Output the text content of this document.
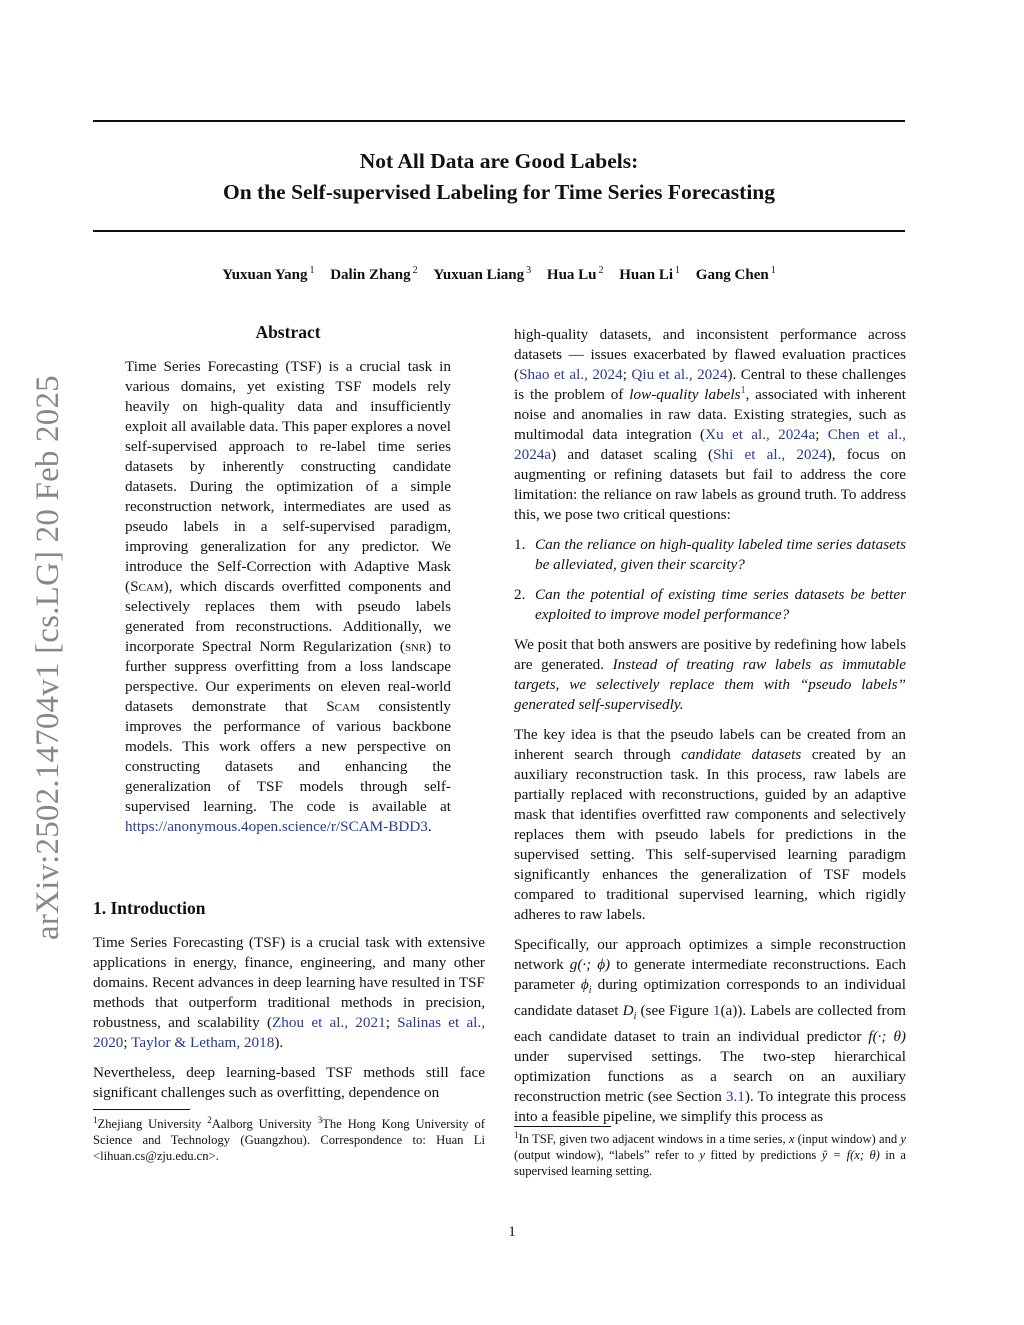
Not All Data are Good Labels:
On the Self-supervised Labeling for Time Series Forecasting
Yuxuan Yang $^1$ Dalin Zhang $^2$ Yuxuan Liang $^3$ Hua Lu $^2$ Huan Li $^1$ Gang Chen $^1$
arXiv:2502.14704v1 [cs.LG] 20 Feb 2025
Abstract
Time Series Forecasting (TSF) is a crucial task in various domains, yet existing TSF models rely heavily on high-quality data and insufficiently exploit all available data. This paper explores a novel self-supervised approach to re-label time series datasets by inherently constructing candidate datasets. During the optimization of a simple reconstruction network, intermediates are used as pseudo labels in a self-supervised paradigm, improving generalization for any predictor. We introduce the Self-Correction with Adaptive Mask (Scam), which discards overfitted components and selectively replaces them with pseudo labels generated from reconstructions. Additionally, we incorporate Spectral Norm Regularization (snr) to further suppress overfitting from a loss landscape perspective. Our experiments on eleven real-world datasets demonstrate that Scam consistently improves the performance of various backbone models. This work offers a new perspective on constructing datasets and enhancing the generalization of TSF models through self-supervised learning. The code is available at https://anonymous.4open.science/r/SCAM-BDD3.
1. Introduction

Time Series Forecasting (TSF) is a crucial task with extensive applications in energy, finance, engineering, and many other domains. Recent advances in deep learning have resulted in TSF methods that outperform traditional methods in precision, robustness, and scalability (Zhou et al., 2021; Salinas et al., 2020; Taylor & Letham, 2018).

Nevertheless, deep learning-based TSF methods still face significant challenges such as overfitting, dependence on

$^1$Zhejiang University $^2$Aalborg University $^3$The Hong Kong University of Science and Technology (Guangzhou). Correspondence to: Huan Li <lihuan.cs@zju.edu.cn>.

high-quality datasets, and inconsistent performance across datasets — issues exacerbated by flawed evaluation practices (Shao et al., 2024; Qiu et al., 2024). Central to these challenges is the problem of low-quality labels$^1$, associated with inherent noise and anomalies in raw data. Existing strategies, such as multimodal data integration (Xu et al., 2024a; Chen et al., 2024a) and dataset scaling (Shi et al., 2024), focus on augmenting or refining datasets but fail to address the core limitation: the reliance on raw labels as ground truth. To address this, we pose two critical questions:

1. Can the reliance on high-quality labeled time series datasets be alleviated, given their scarcity?
2. Can the potential of existing time series datasets be better exploited to improve model performance?

We posit that both answers are positive by redefining how labels are generated. Instead of treating raw labels as immutable targets, we selectively replace them with “pseudo labels” generated self-supervisedly.

The key idea is that the pseudo labels can be created from an inherent search through candidate datasets created by an auxiliary reconstruction task. In this process, raw labels are partially replaced with reconstructions, guided by an adaptive mask that identifies overfitted raw components and selectively replaces them with pseudo labels for predictions in the supervised setting. This self-supervised learning paradigm significantly enhances the generalization of TSF models compared to traditional supervised learning, which rigidly adheres to raw labels.

Specifically, our approach optimizes a simple reconstruction network g(·; ϕ) to generate intermediate reconstructions. Each parameter $\phi_i$ during optimization corresponds to an individual candidate dataset $D_i$ (see Figure 1(a)). Labels are collected from each candidate dataset to train an individual predictor f(·; θ) under supervised settings. The two-step hierarchical optimization functions as a search on an auxiliary reconstruction metric (see Section 3.1). To integrate this process into a feasible pipeline, we simplify this process as

$^1$In TSF, given two adjacent windows in a time series, x (input window) and y (output window), “labels” refer to y fitted by predictions ŷ = f(x; θ) in a supervised learning setting.
1
